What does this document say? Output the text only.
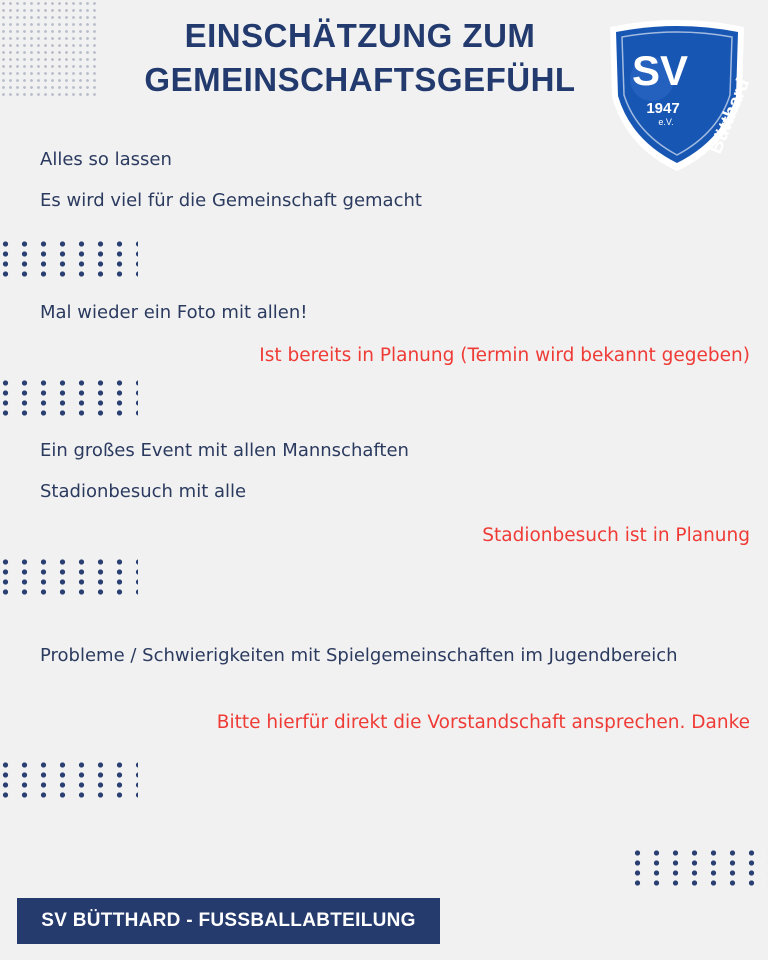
EINSCHÄTZUNG ZUM
GEMEINSCHAFTSGEFÜHL	SV
1947
e.V. Bütthard
Alles so lassen
Es wird viel für die Gemeinschaft gemacht
Mal wieder ein Foto mit allen!
Ist bereits in Planung (Termin wird bekannt gegeben)
Ein großes Event mit allen Mannschaften
Stadionbesuch mit alle
Stadionbesuch ist in Planung
Probleme / Schwierigkeiten mit Spielgemeinschaften im Jugendbereich
Bitte hierfür direkt die Vorstandschaft ansprechen. Danke
SV BÜTTHARD - FUSSBALLABTEILUNG
